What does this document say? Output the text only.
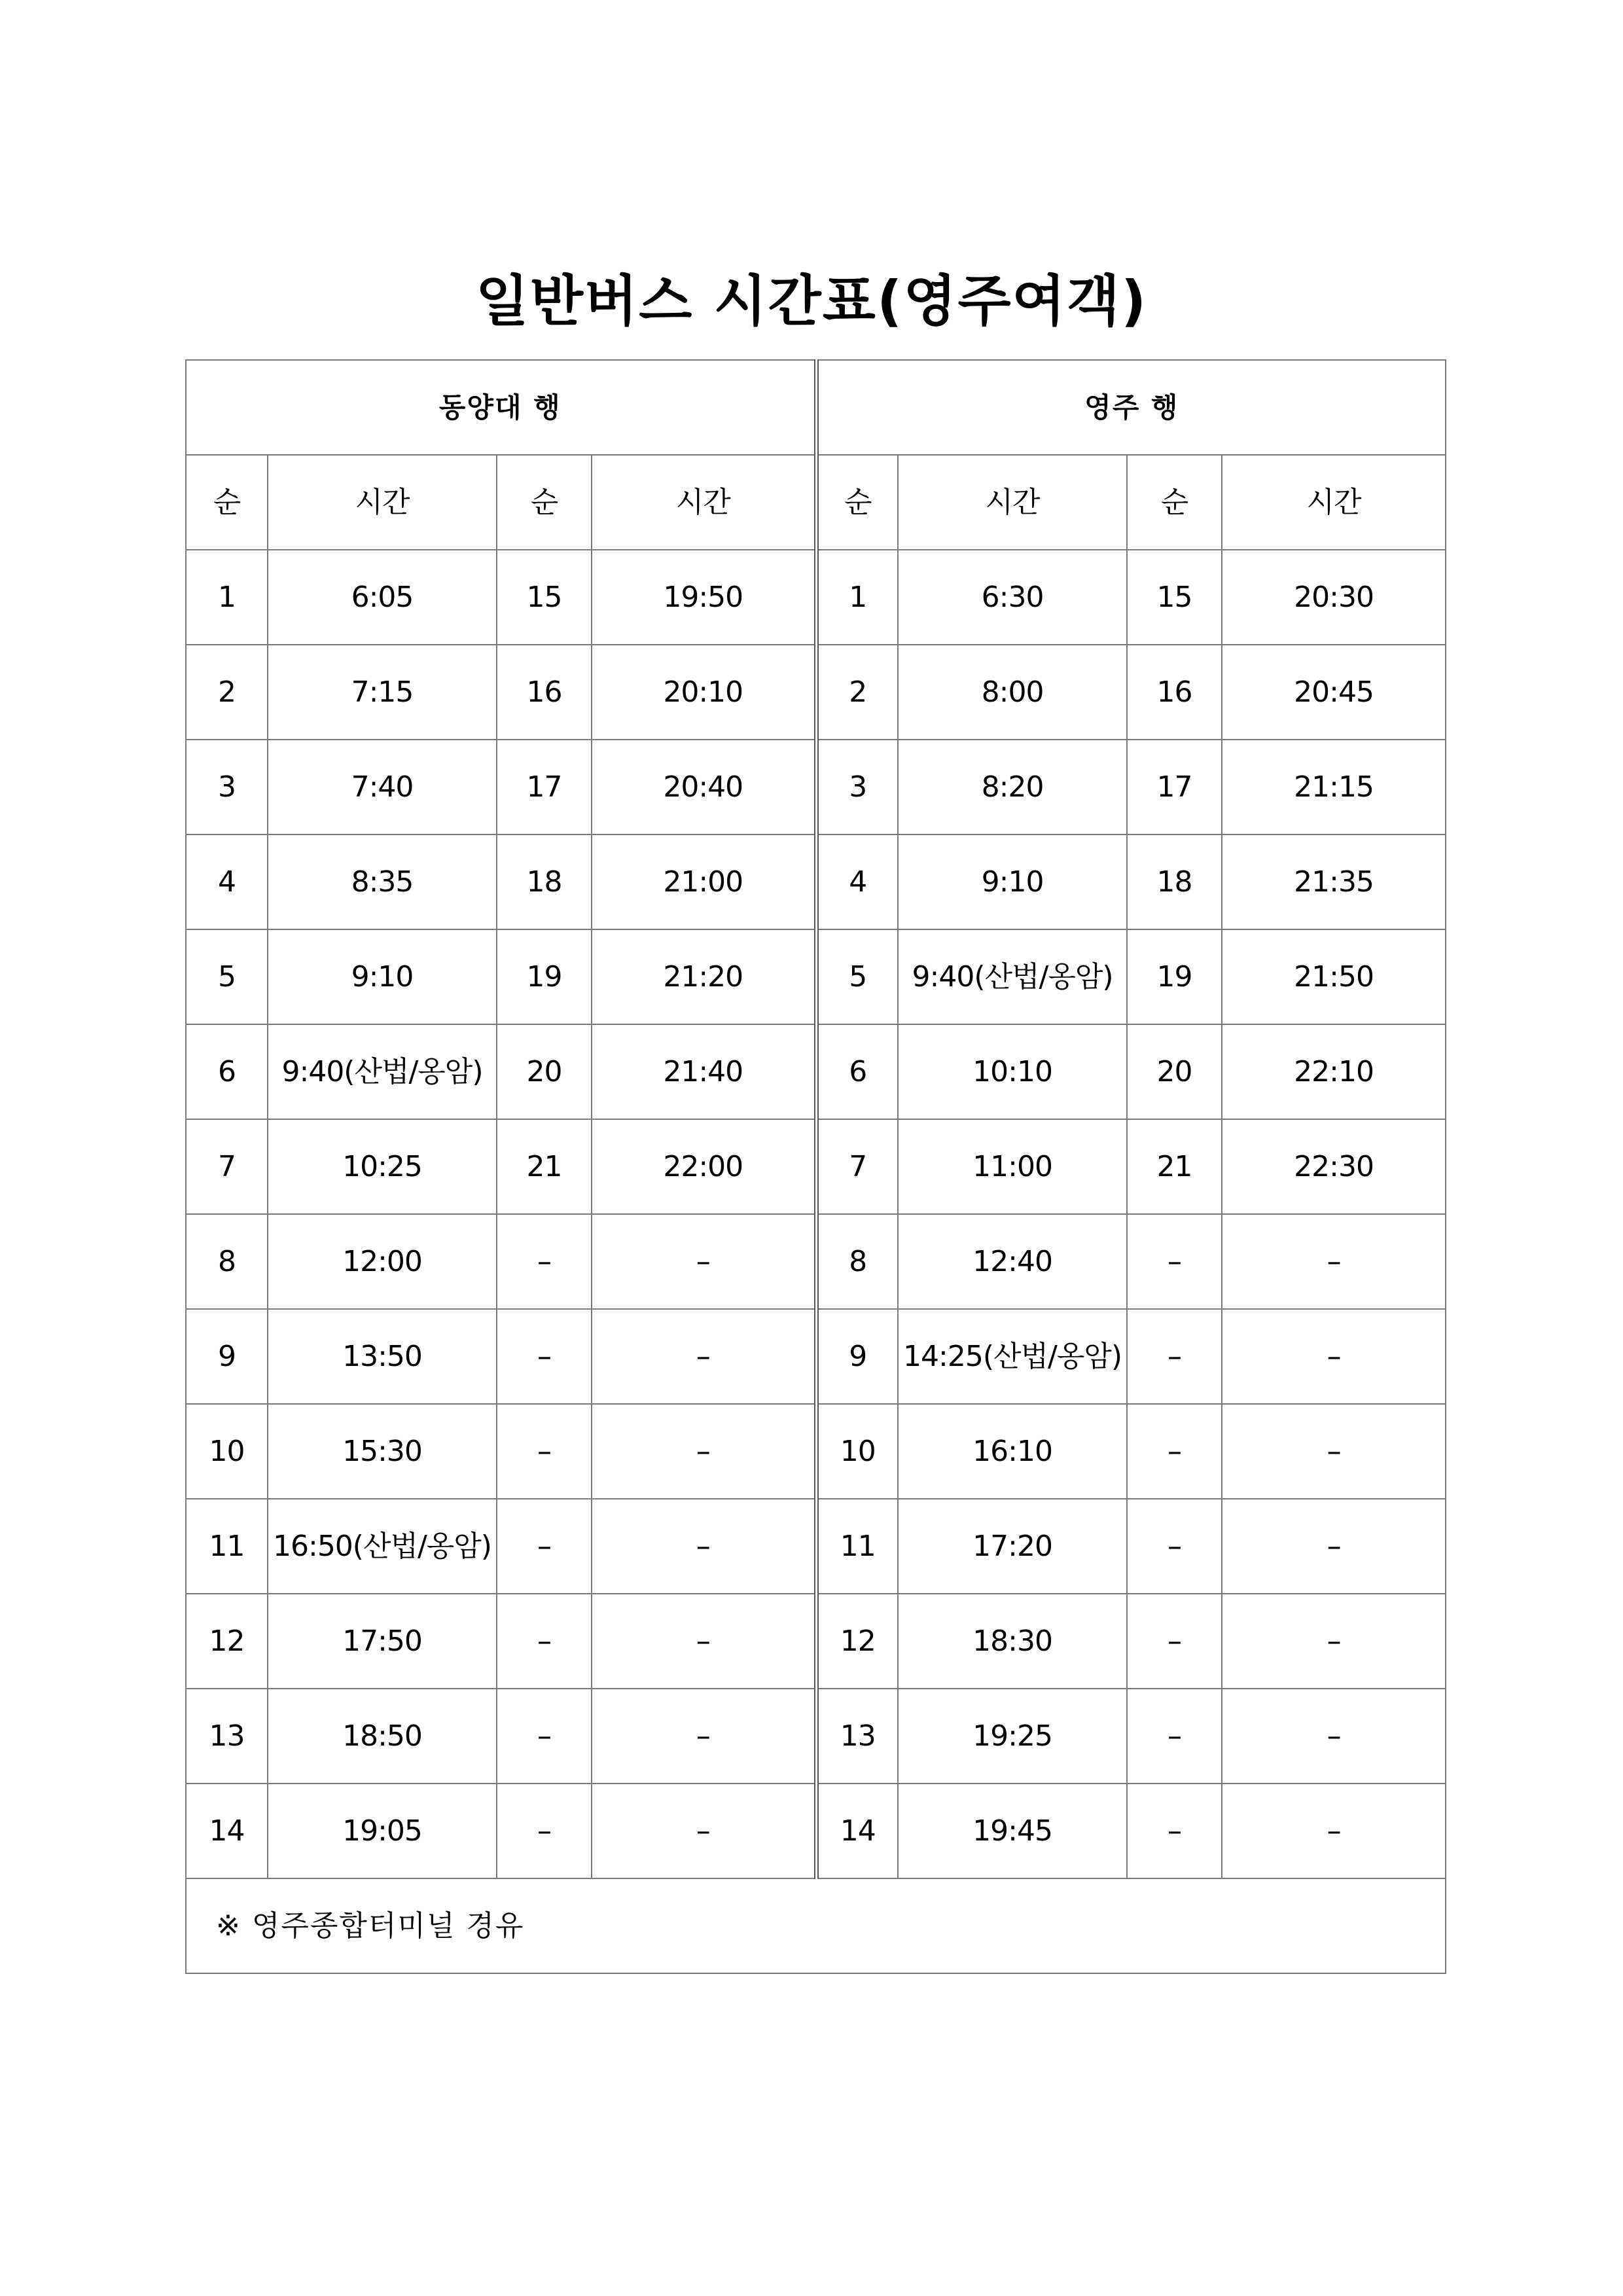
일반버스 시간표(영주여객)
동양대 행				영주 행			
순	시간	순	시간	순	시간	순	시간
1	6:05	15	19:50	1	6:30	15	20:30
2	7:15	16	20:10	2	8:00	16	20:45
3	7:40	17	20:40	3	8:20	17	21:15
4	8:35	18	21:00	4	9:10	18	21:35
5	9:10	19	21:20	5	9:40(산법/옹암)	19	21:50
6	9:40(산법/옹암)	20	21:40	6	10:10	20	22:10
7	10:25	21	22:00	7	11:00	21	22:30
8	12:00	–	–	8	12:40	–	–
9	13:50	–	–	9	14:25(산법/옹암)	–	–
10	15:30	–	–	10	16:10	–	–
11	16:50(산법/옹암)	–	–	11	17:20	–	–
12	17:50	–	–	12	18:30	–	–
13	18:50	–	–	13	19:25	–	–
14	19:05	–	–	14	19:45	–	–
※ 영주종합터미널 경유							
